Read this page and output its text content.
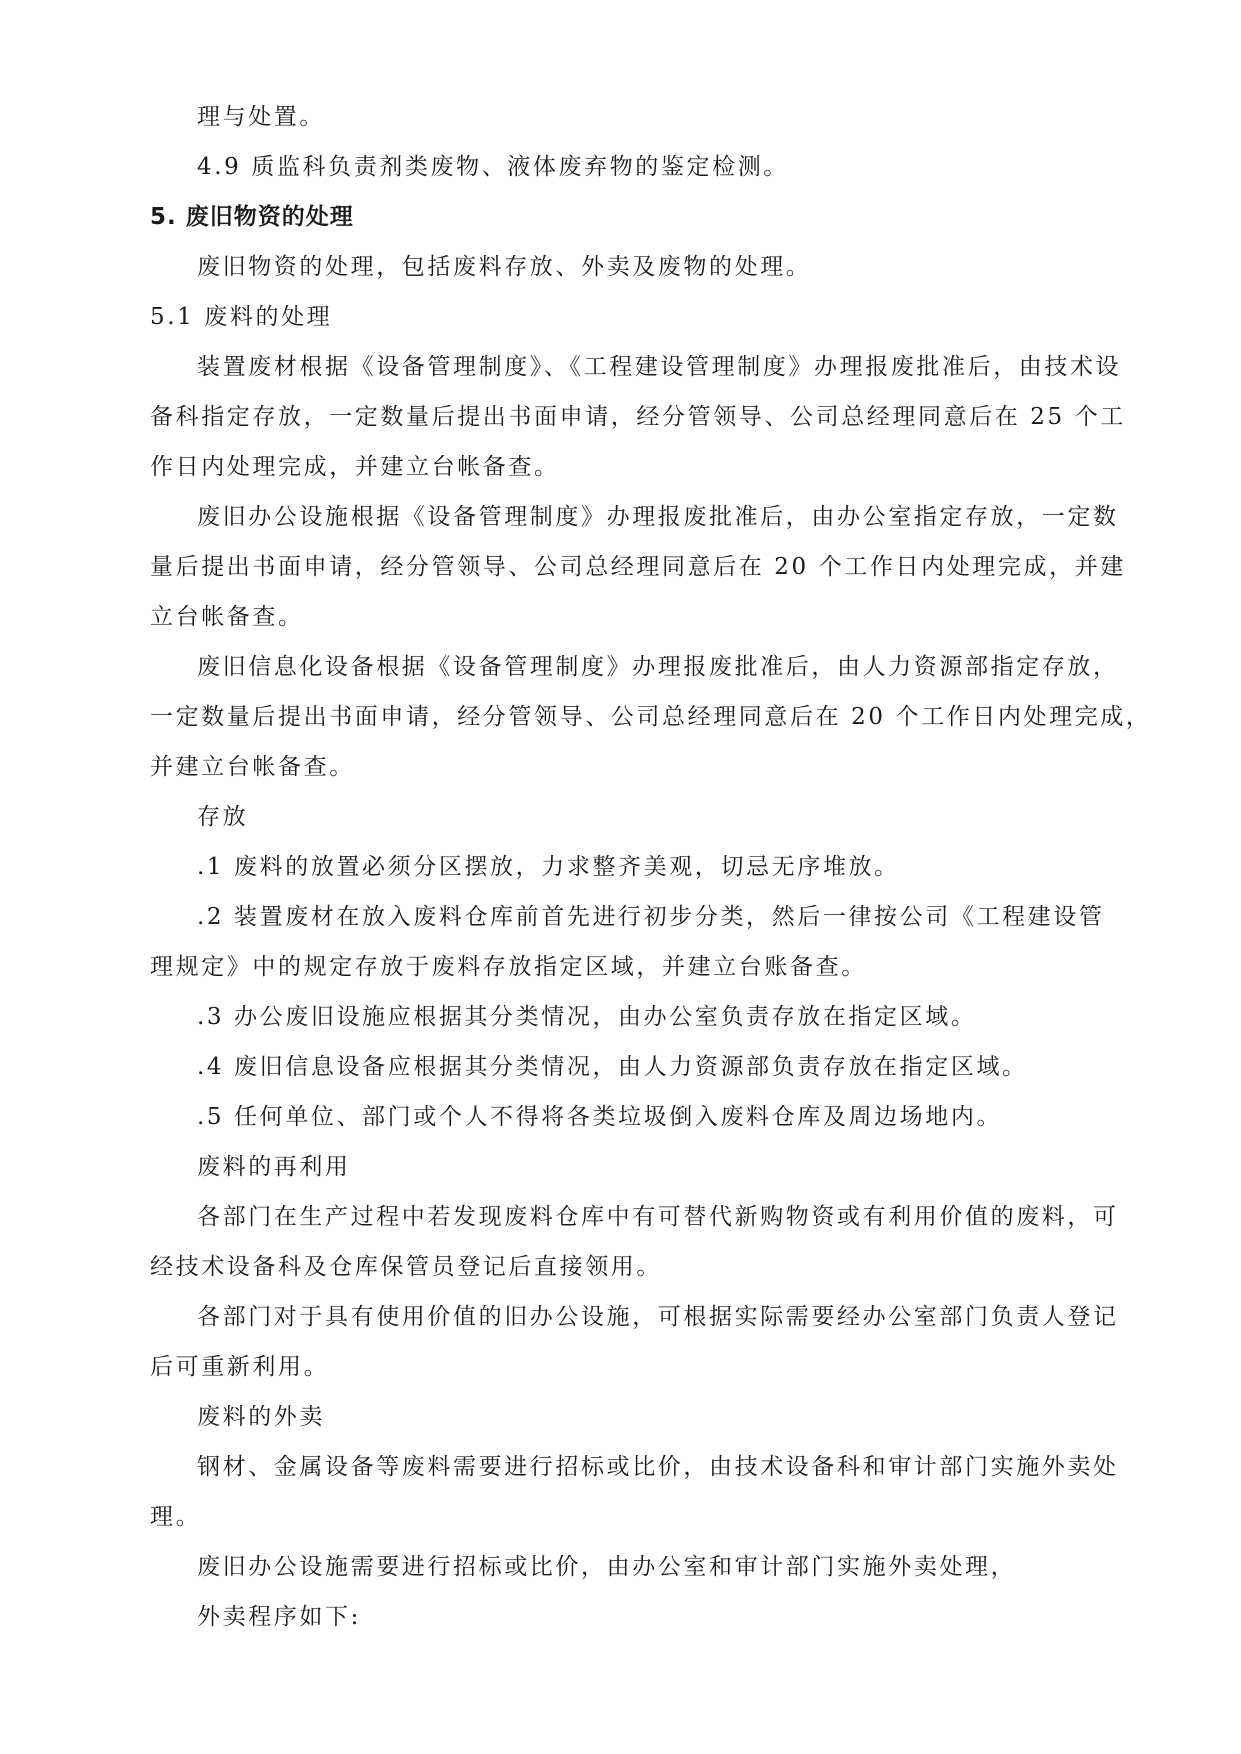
理与处置。

4.9 质监科负责剂类废物、液体废弃物的鉴定检测。

5. 废旧物资的处理

废旧物资的处理，包括废料存放、外卖及废物的处理。

5.1 废料的处理

装置废材根据《设备管理制度》、《工程建设管理制度》办理报废批准后，由技术设

备科指定存放，一定数量后提出书面申请，经分管领导、公司总经理同意后在 25 个工

作日内处理完成，并建立台帐备查。

废旧办公设施根据《设备管理制度》办理报废批准后，由办公室指定存放，一定数

量后提出书面申请，经分管领导、公司总经理同意后在 20 个工作日内处理完成，并建

立台帐备查。

废旧信息化设备根据《设备管理制度》办理报废批准后，由人力资源部指定存放，

一定数量后提出书面申请，经分管领导、公司总经理同意后在 20 个工作日内处理完成，

并建立台帐备查。

存放

.1 废料的放置必须分区摆放，力求整齐美观，切忌无序堆放。

.2 装置废材在放入废料仓库前首先进行初步分类，然后一律按公司《工程建设管

理规定》中的规定存放于废料存放指定区域，并建立台账备查。

.3 办公废旧设施应根据其分类情况，由办公室负责存放在指定区域。

.4 废旧信息设备应根据其分类情况，由人力资源部负责存放在指定区域。

.5 任何单位、部门或个人不得将各类垃圾倒入废料仓库及周边场地内。

废料的再利用

各部门在生产过程中若发现废料仓库中有可替代新购物资或有利用价值的废料，可

经技术设备科及仓库保管员登记后直接领用。

各部门对于具有使用价值的旧办公设施，可根据实际需要经办公室部门负责人登记

后可重新利用。

废料的外卖

钢材、金属设备等废料需要进行招标或比价，由技术设备科和审计部门实施外卖处

理。

废旧办公设施需要进行招标或比价，由办公室和审计部门实施外卖处理，

外卖程序如下:
